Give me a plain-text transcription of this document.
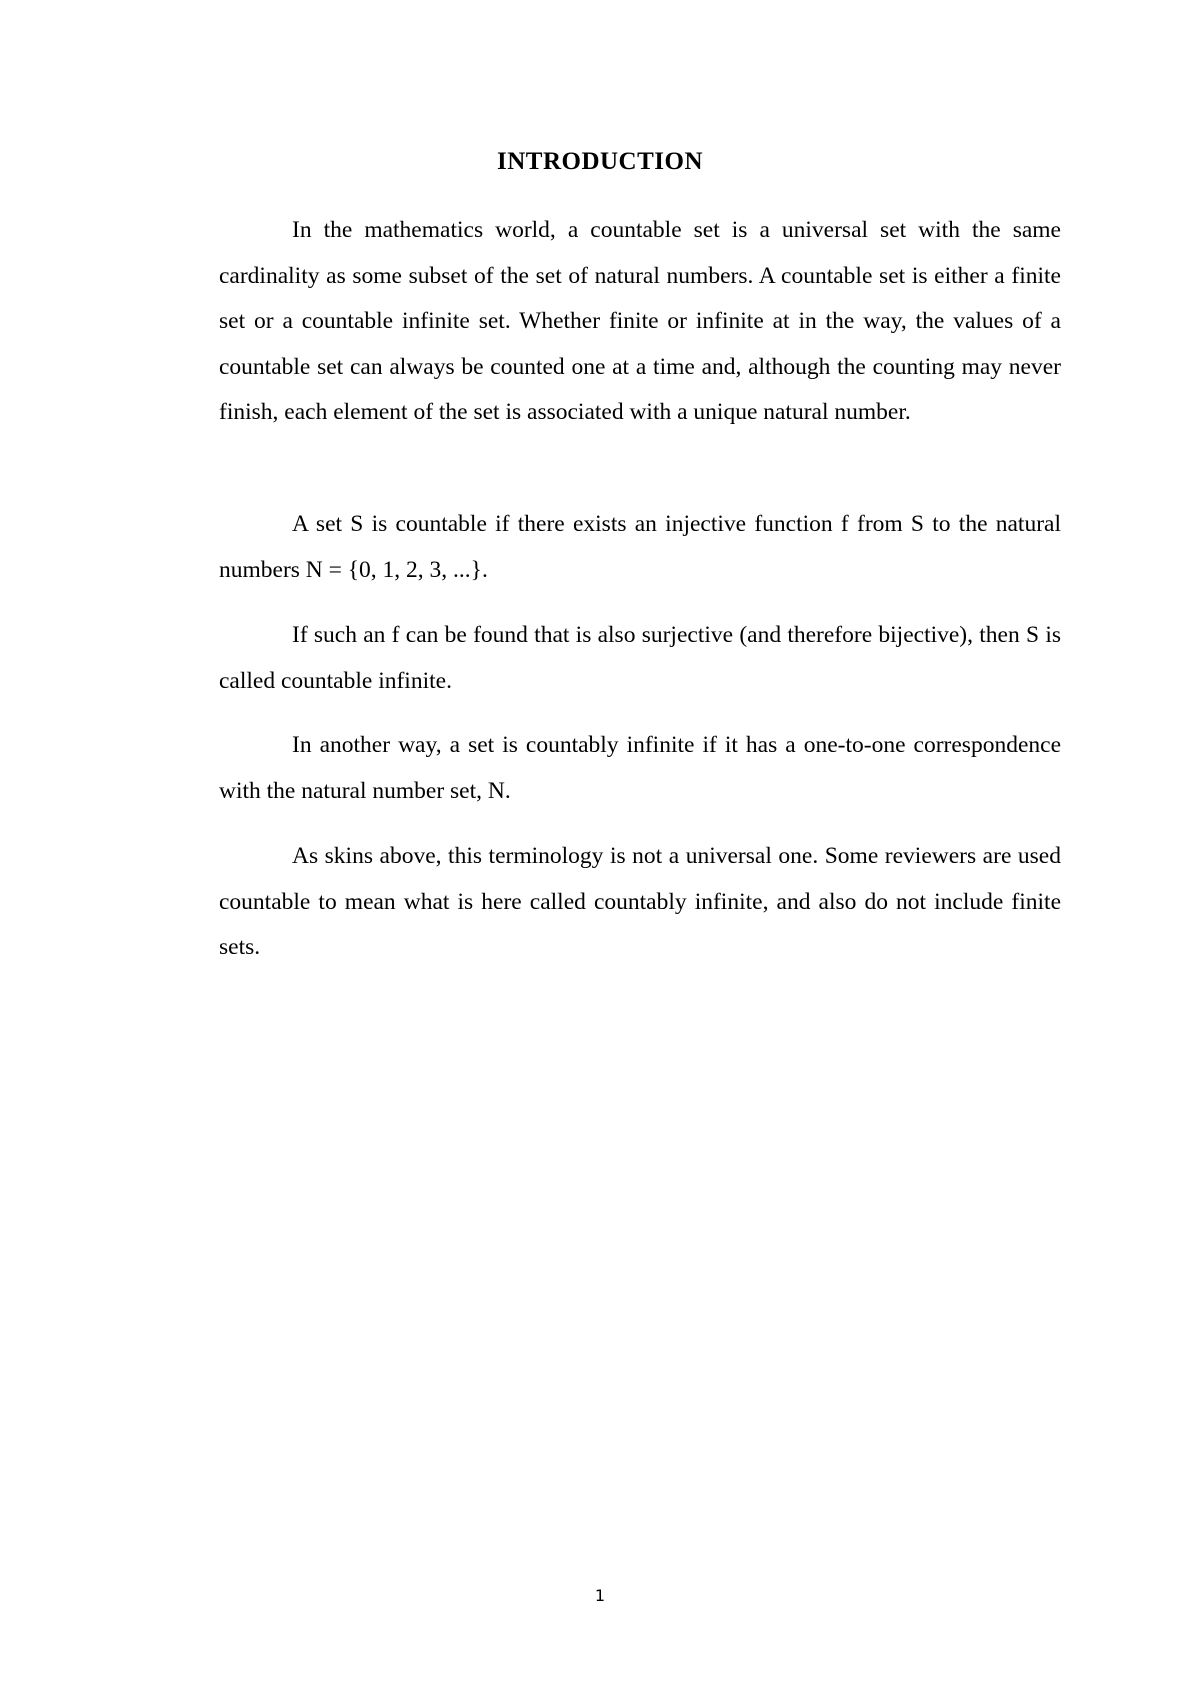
INTRODUCTION

In the mathematics world, a countable set is a universal set with the same cardinality as some subset of the set of natural numbers. A countable set is either a finite set or a countable infinite set. Whether finite or infinite at in the way, the values of a countable set can always be counted one at a time and, although the counting may never finish, each element of the set is associated with a unique natural number.

A set S is countable if there exists an injective function f from S to the natural numbers N = {0, 1, 2, 3, ...}.

If such an f can be found that is also surjective (and therefore bijective), then S is called countable infinite.

In another way, a set is countably infinite if it has a one-to-one correspondence with the natural number set, N.

As skins above, this terminology is not a universal one. Some reviewers are used countable to mean what is here called countably infinite, and also do not include finite sets.

1
